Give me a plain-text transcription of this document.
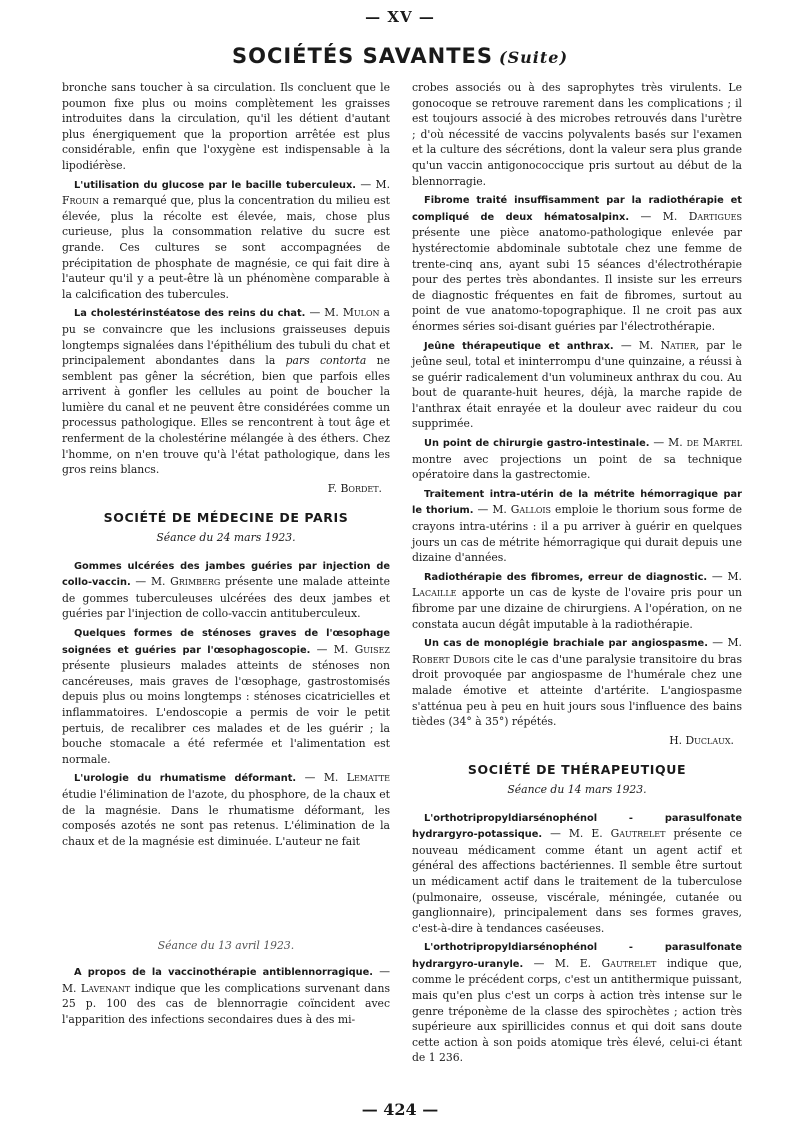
— XV —
SOCIÉTÉS SAVANTES (Suite)

bronche sans toucher à sa circulation. Ils concluent que le poumon fixe plus ou moins complètement les graisses introduites dans la circulation, qu'il les détient d'autant plus énergiquement que la proportion arrêtée est plus considérable, enfin que l'oxygène est indispensable à la lipodiérèse.

L'utilisation du glucose par le bacille tuberculeux. — M. Frouin a remarqué que, plus la concentration du milieu est élevée, plus la récolte est élevée, mais, chose plus curieuse, plus la consommation relative du sucre est grande. Ces cultures se sont accompagnées de précipitation de phosphate de magnésie, ce qui fait dire à l'auteur qu'il y a peut-être là un phénomène comparable à la calcification des tubercules.

La cholestérinstéatose des reins du chat. — M. Mulon a pu se convaincre que les inclusions graisseuses depuis longtemps signalées dans l'épithélium des tubuli du chat et principalement abondantes dans la pars contorta ne semblent pas gêner la sécrétion, bien que parfois elles arrivent à gonfler les cellules au point de boucher la lumière du canal et ne peuvent être considérées comme un processus pathologique. Elles se rencontrent à tout âge et renferment de la cholestérine mélangée à des éthers. Chez l'homme, on n'en trouve qu'à l'état pathologique, dans les gros reins blancs.

F. Bordet.
SOCIÉTÉ DE MÉDECINE DE PARIS
Séance du 24 mars 1923.

Gommes ulcérées des jambes guéries par injection de collo-vaccin. — M. Grimberg présente une malade atteinte de gommes tuberculeuses ulcérées des deux jambes et guéries par l'injection de collo-vaccin antituberculeux.

Quelques formes de sténoses graves de l'œsophage soignées et guéries par l'œsophagoscopie. — M. Guisez présente plusieurs malades atteints de sténoses non cancéreuses, mais graves de l'œsophage, gastrostomisés depuis plus ou moins longtemps : sténoses cicatricielles et inflammatoires. L'endoscopie a permis de voir le petit pertuis, de recalibrer ces malades et de les guérir ; la bouche stomacale a été refermée et l'alimentation est normale.

L'urologie du rhumatisme déformant. — M. Lematte étudie l'élimination de l'azote, du phosphore, de la chaux et de la magnésie. Dans le rhumatisme déformant, les composés azotés ne sont pas retenus. L'élimination de la chaux et de la magnésie est diminuée. L'auteur ne fait

Séance du 13 avril 1923.

A propos de la vaccinothérapie antiblennorragique. — M. Lavenant indique que les complications survenant dans 25 p. 100 des cas de blennorragie coïncident avec l'apparition des infections secondaires dues à des mi-

crobes associés ou à des saprophytes très virulents. Le gonocoque se retrouve rarement dans les complications ; il est toujours associé à des microbes retrouvés dans l'urètre ; d'où nécessité de vaccins polyvalents basés sur l'examen et la culture des sécrétions, dont la valeur sera plus grande qu'un vaccin antigonococcique pris surtout au début de la blennorragie.

Fibrome traité insuffisamment par la radiothérapie et compliqué de deux hématosalpinx. — M. Dartigues présente une pièce anatomo-pathologique enlevée par hystérectomie abdominale subtotale chez une femme de trente-cinq ans, ayant subi 15 séances d'électrothérapie pour des pertes très abondantes. Il insiste sur les erreurs de diagnostic fréquentes en fait de fibromes, surtout au point de vue anatomo-topographique. Il ne croit pas aux énormes séries soi-disant guéries par l'électrothérapie.

Jeûne thérapeutique et anthrax. — M. Natier, par le jeûne seul, total et ininterrompu d'une quinzaine, a réussi à se guérir radicalement d'un volumineux anthrax du cou. Au bout de quarante-huit heures, déjà, la marche rapide de l'anthrax était enrayée et la douleur avec raideur du cou supprimée.

Un point de chirurgie gastro-intestinale. — M. de Martel montre avec projections un point de sa technique opératoire dans la gastrectomie.

Traitement intra-utérin de la métrite hémorragique par le thorium. — M. Gallois emploie le thorium sous forme de crayons intra-utérins : il a pu arriver à guérir en quelques jours un cas de métrite hémorragique qui durait depuis une dizaine d'années.

Radiothérapie des fibromes, erreur de diagnostic. — M. Lacaille apporte un cas de kyste de l'ovaire pris pour un fibrome par une dizaine de chirurgiens. A l'opération, on ne constata aucun dégât imputable à la radiothérapie.

Un cas de monoplégie brachiale par angiospasme. — M. Robert Dubois cite le cas d'une paralysie transitoire du bras droit provoquée par angiospasme de l'humérale chez une malade émotive et atteinte d'artérite. L'angiospasme s'atténua peu à peu en huit jours sous l'influence des bains tièdes (34° à 35°) répétés.

H. Duclaux.
SOCIÉTÉ DE THÉRAPEUTIQUE
Séance du 14 mars 1923.

L'orthotripropyldiarsénophénol - parasulfonate hydrargyro-potassique. — M. E. Gautrelet présente ce nouveau médicament comme étant un agent actif et général des affections bactériennes. Il semble être surtout un médicament actif dans le traitement de la tuberculose (pulmonaire, osseuse, viscérale, méningée, cutanée ou ganglionnaire), principalement dans ses formes graves, c'est-à-dire à tendances caséeuses.

L'orthotripropyldiarsénophénol - parasulfonate hydrargyro-uranyle. — M. E. Gautrelet indique que, comme le précédent corps, c'est un antithermique puissant, mais qu'en plus c'est un corps à action très intense sur le genre tréponème de la classe des spirochètes ; action très supérieure aux spirillicides connus et qui doit sans doute cette action à son poids atomique très élevé, celui-ci étant de 1 236.

— 424 —
